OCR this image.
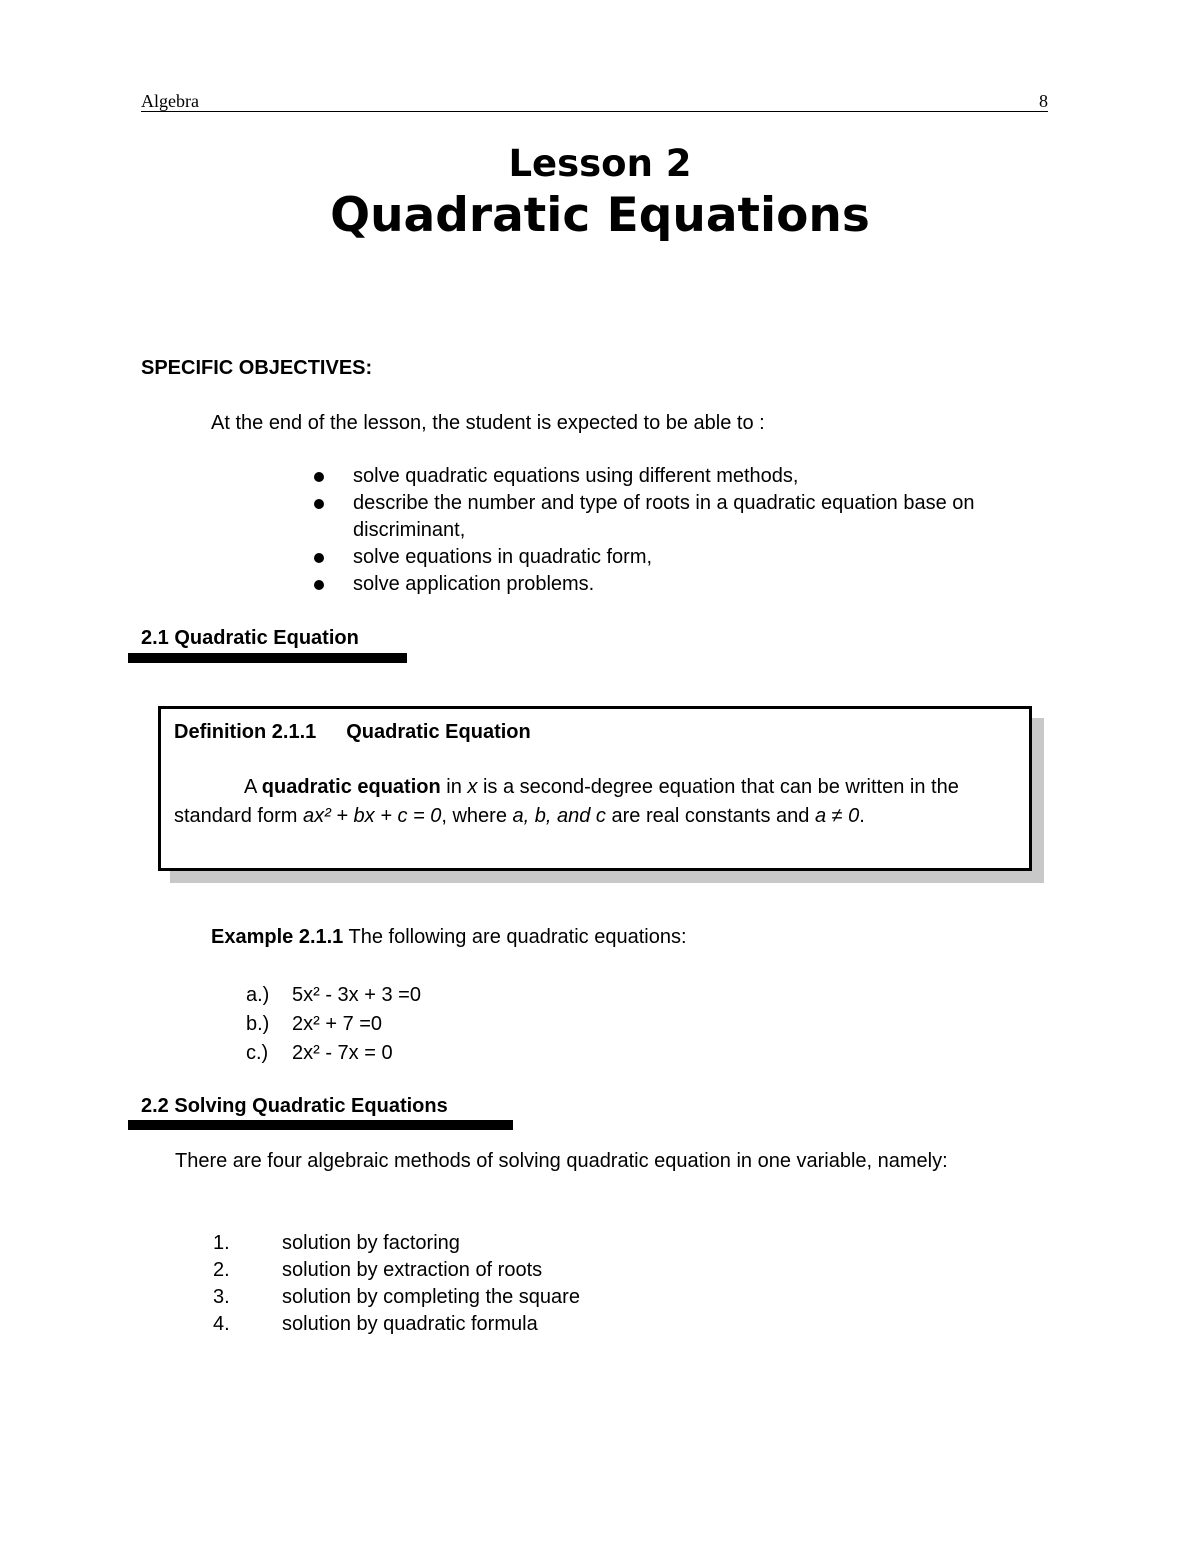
Algebra	8
Lesson 2
Quadratic Equations
SPECIFIC OBJECTIVES:
At the end of the lesson, the student is expected to be able to :
solve quadratic equations using different methods,
describe the number and type of roots in a quadratic equation base on discriminant,
solve equations in quadratic form,
solve application problems.
2.1 Quadratic Equation
Definition 2.1.1 Quadratic Equation
A quadratic equation in x is a second-degree equation that can be written in the standard form ax² + bx + c = 0, where a, b, and c are real constants and a ≠ 0.
Example 2.1.1 The following are quadratic equations:
a.) 5x² - 3x + 3 =0
b.) 2x² + 7 =0
c.) 2x² - 7x = 0
2.2 Solving Quadratic Equations
There are four algebraic methods of solving quadratic equation in one variable, namely:
1.	solution by factoring
2.	solution by extraction of roots
3.	solution by completing the square
4.	solution by quadratic formula
